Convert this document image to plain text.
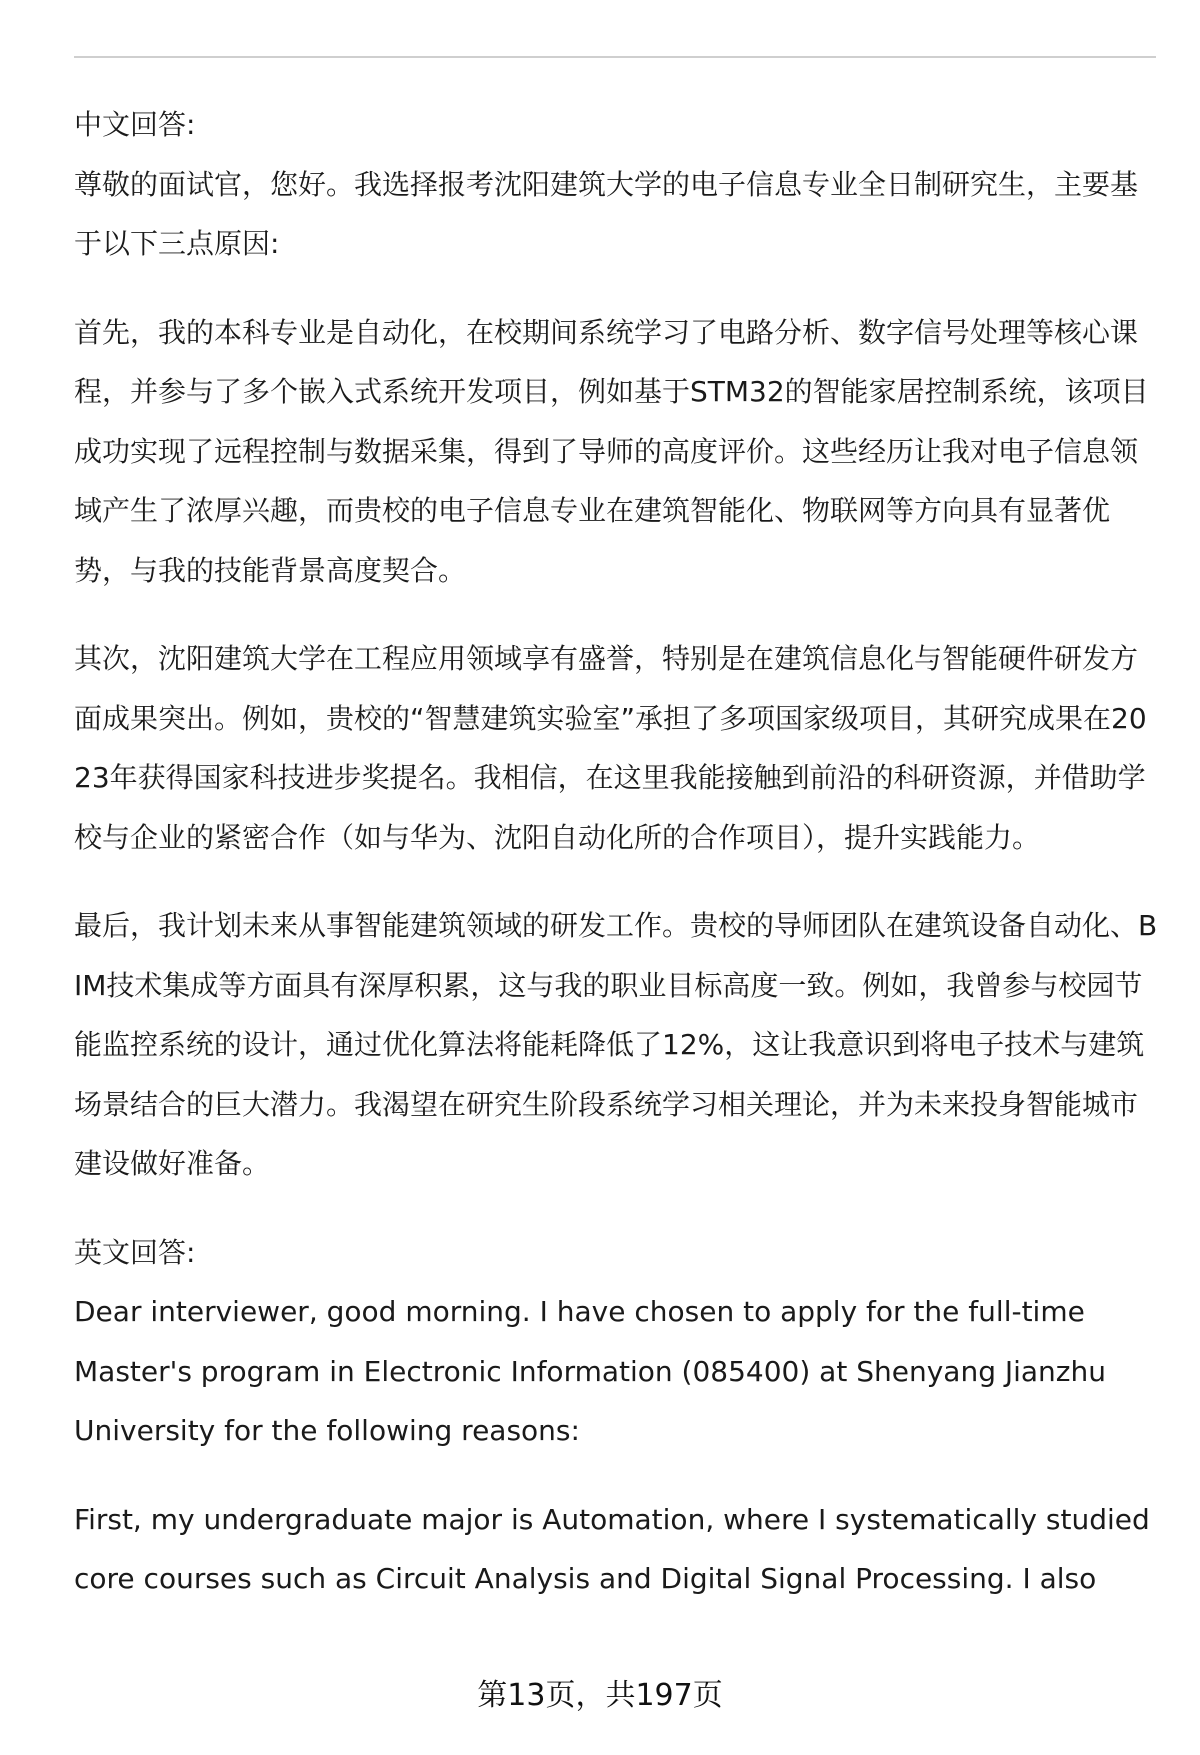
中文回答:

尊敬的面试官，您好。我选择报考沈阳建筑大学的电子信息专业全日制研究生，主要基于以下三点原因:

首先，我的本科专业是自动化，在校期间系统学习了电路分析、数字信号处理等核心课程，并参与了多个嵌入式系统开发项目，例如基于STM32的智能家居控制系统，该项目成功实现了远程控制与数据采集，得到了导师的高度评价。这些经历让我对电子信息领域产生了浓厚兴趣，而贵校的电子信息专业在建筑智能化、物联网等方向具有显著优势，与我的技能背景高度契合。

其次，沈阳建筑大学在工程应用领域享有盛誉，特别是在建筑信息化与智能硬件研发方面成果突出。例如，贵校的“智慧建筑实验室”承担了多项国家级项目，其研究成果在2023年获得国家科技进步奖提名。我相信，在这里我能接触到前沿的科研资源，并借助学校与企业的紧密合作（如与华为、沈阳自动化所的合作项目），提升实践能力。

最后，我计划未来从事智能建筑领域的研发工作。贵校的导师团队在建筑设备自动化、BIM技术集成等方面具有深厚积累，这与我的职业目标高度一致。例如，我曾参与校园节能监控系统的设计，通过优化算法将能耗降低了12%，这让我意识到将电子技术与建筑场景结合的巨大潜力。我渴望在研究生阶段系统学习相关理论，并为未来投身智能城市建设做好准备。

英文回答:

Dear interviewer, good morning. I have chosen to apply for the full-time Master's program in Electronic Information (085400) at Shenyang Jianzhu University for the following reasons:

First, my undergraduate major is Automation, where I systematically studied core courses such as Circuit Analysis and Digital Signal Processing. I also

第13页，共197页
